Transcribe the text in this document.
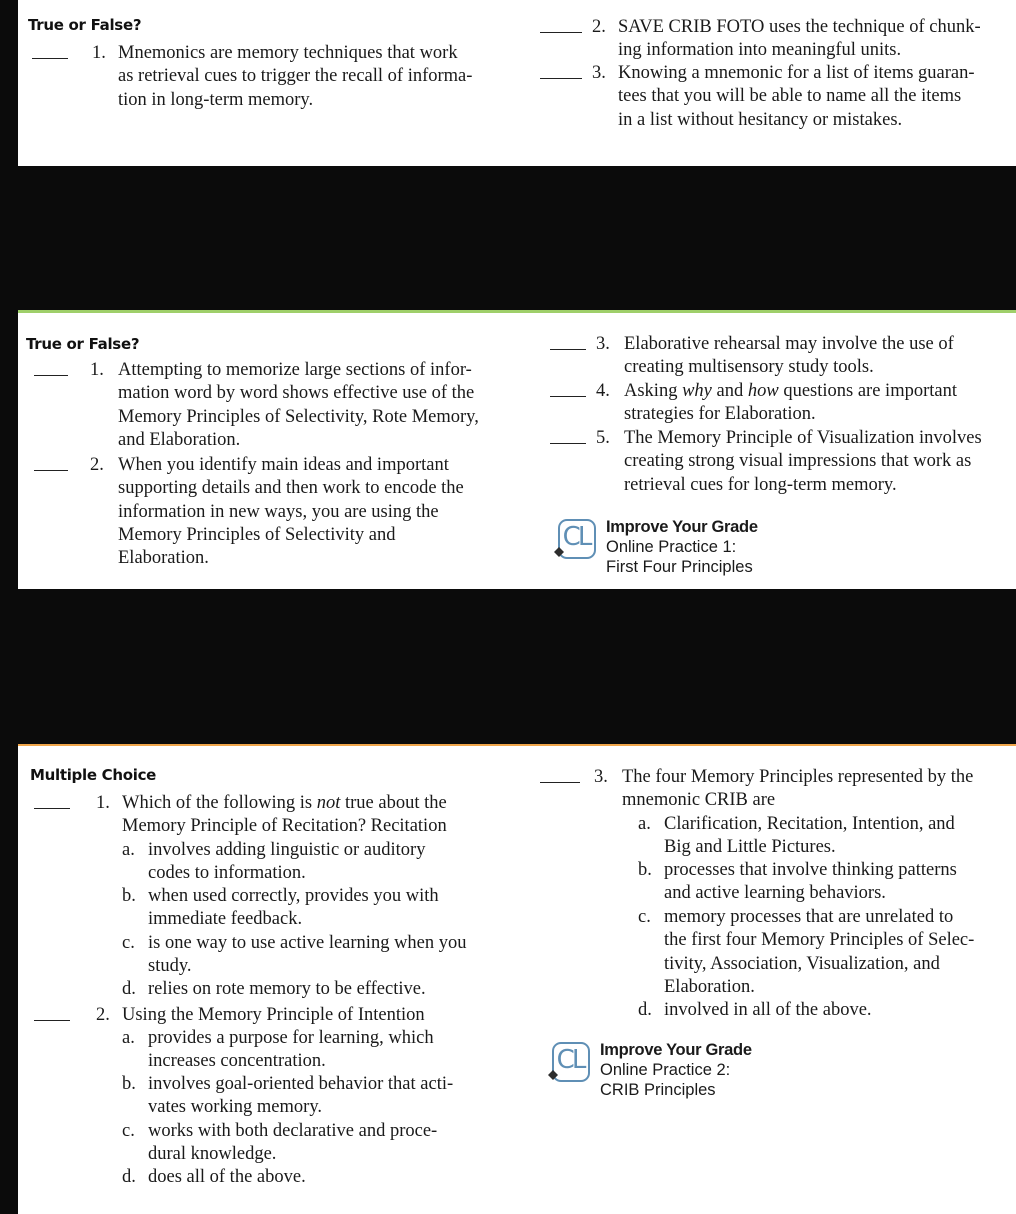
True or False?
1. Mnemonics are memory techniques that work
as retrieval cues to trigger the recall of informa-
tion in long-term memory.
2. SAVE CRIB FOTO uses the technique of chunk-
ing information into meaningful units.
3. Knowing a mnemonic for a list of items guaran-
tees that you will be able to name all the items
in a list without hesitancy or mistakes.
True or False?
1. Attempting to memorize large sections of infor-
mation word by word shows effective use of the
Memory Principles of Selectivity, Rote Memory,
and Elaboration.
2. When you identify main ideas and important
supporting details and then work to encode the
information in new ways, you are using the
Memory Principles of Selectivity and
Elaboration.
3. Elaborative rehearsal may involve the use of
creating multisensory study tools.
4. Asking why and how questions are important
strategies for Elaboration.
5. The Memory Principle of Visualization involves
creating strong visual impressions that work as
retrieval cues for long-term memory.
CL Improve Your Grade
Online Practice 1:
First Four Principles
Multiple Choice
1. Which of the following is not true about the
Memory Principle of Recitation? Recitation
a. involves adding linguistic or auditory
codes to information.
b. when used correctly, provides you with
immediate feedback.
c. is one way to use active learning when you
study.
d. relies on rote memory to be effective.
2. Using the Memory Principle of Intention
a. provides a purpose for learning, which
increases concentration.
b. involves goal-oriented behavior that acti-
vates working memory.
c. works with both declarative and proce-
dural knowledge.
d. does all of the above.
3. The four Memory Principles represented by the
mnemonic CRIB are
a. Clarification, Recitation, Intention, and
Big and Little Pictures.
b. processes that involve thinking patterns
and active learning behaviors.
c. memory processes that are unrelated to
the first four Memory Principles of Selec-
tivity, Association, Visualization, and
Elaboration.
d. involved in all of the above.
CL Improve Your Grade
Online Practice 2:
CRIB Principles
